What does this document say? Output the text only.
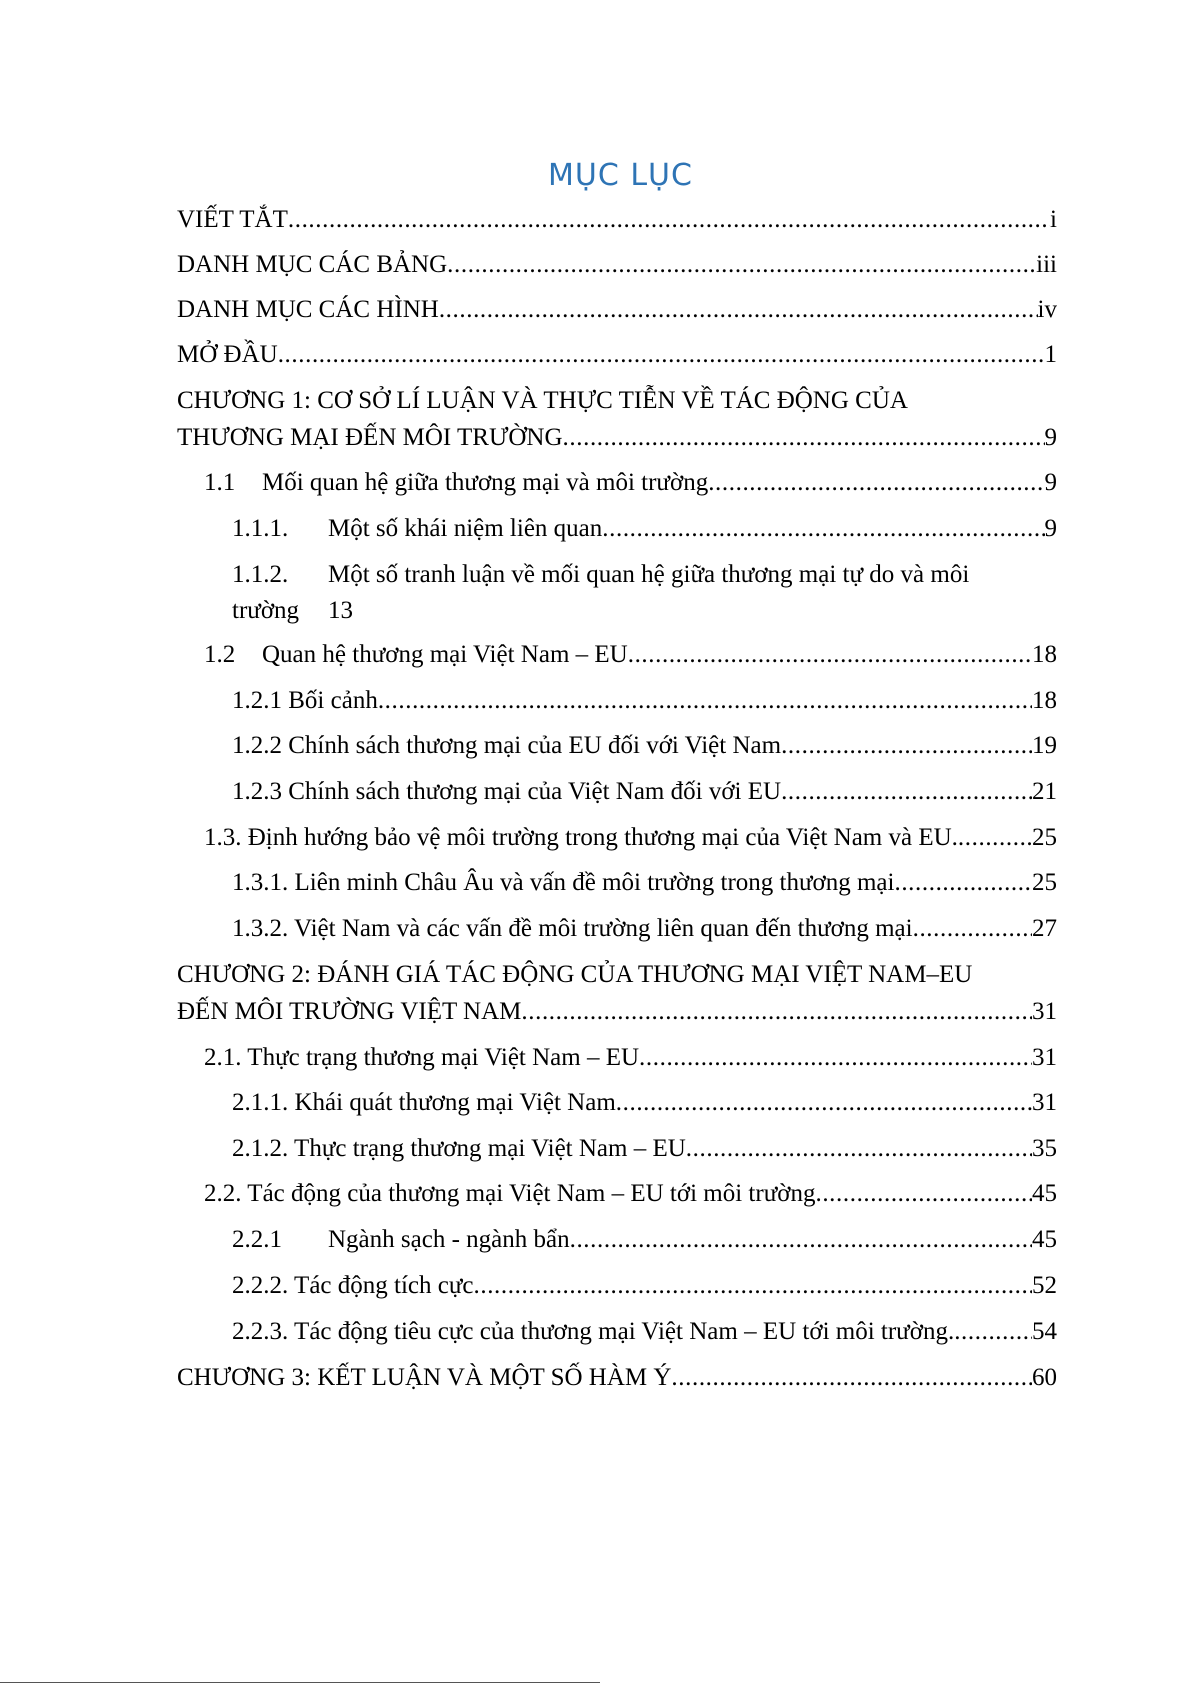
MỤC LỤC
VIẾT TẮT .....	i
DANH MỤC CÁC BẢNG .....	iii
DANH MỤC CÁC HÌNH .....	iv
MỞ ĐẦU .....	1
CHƯƠNG 1: CƠ SỞ LÍ LUẬN VÀ THỰC TIỄN VỀ TÁC ĐỘNG CỦA
THƯƠNG MẠI ĐẾN MÔI TRƯỜNG .....	9
1.1	Mối quan hệ giữa thương mại và môi trường .....	9
1.1.1.	Một số khái niệm liên quan .....	9
1.1.2. Một số tranh luận về mối quan hệ giữa thương mại tự do và môi
trường 13
1.2	Quan hệ thương mại Việt Nam – EU .....	18
1.2.1 Bối cảnh .....	18
1.2.2 Chính sách thương mại của EU đối với Việt Nam .....	19
1.2.3 Chính sách thương mại của Việt Nam đối với EU .....	21
1.3. Định hướng bảo vệ môi trường trong thương mại của Việt Nam và EU. .....	25
1.3.1. Liên minh Châu Âu và vấn đề môi trường trong thương mại .....	25
1.3.2. Việt Nam và các vấn đề môi trường liên quan đến thương mại .....	27
CHƯƠNG 2: ĐÁNH GIÁ TÁC ĐỘNG CỦA THƯƠNG MẠI VIỆT NAM–EU
ĐẾN MÔI TRƯỜNG VIỆT NAM .....	31
2.1. Thực trạng thương mại Việt Nam – EU .....	31
2.1.1. Khái quát thương mại Việt Nam .....	31
2.1.2. Thực trạng thương mại Việt Nam – EU .....	35
2.2. Tác động của thương mại Việt Nam – EU tới môi trường .....	45
2.2.1	Ngành sạch - ngành bẩn .....	45
2.2.2. Tác động tích cực .....	52
2.2.3. Tác động tiêu cực của thương mại Việt Nam – EU tới môi trường. .....	54
CHƯƠNG 3: KẾT LUẬN VÀ MỘT SỐ HÀM Ý .....	60
